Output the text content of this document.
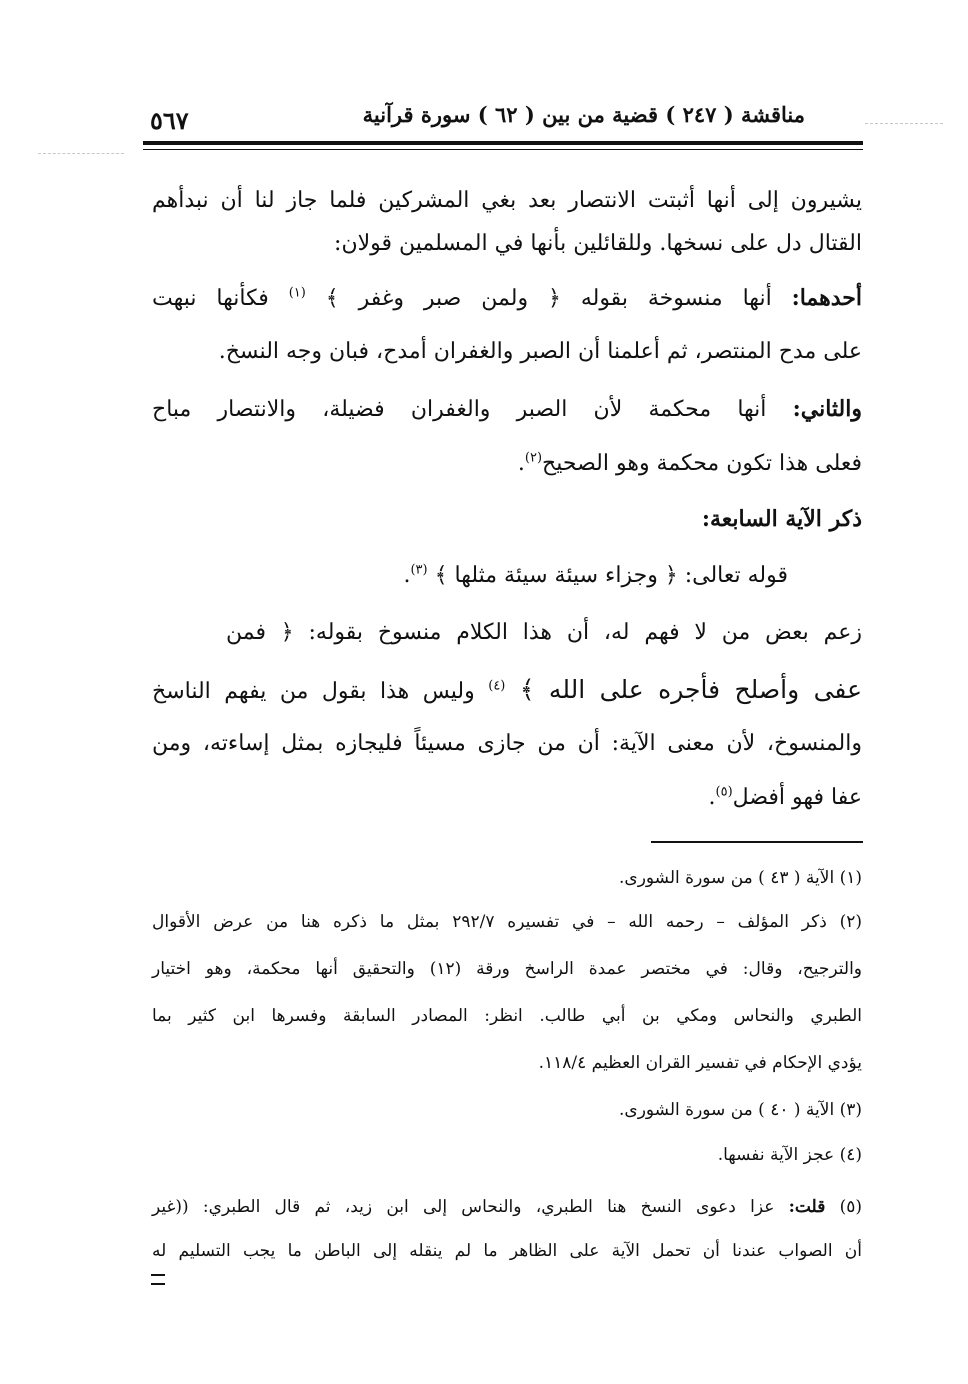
مناقشة ( ٢٤٧ ) قضية من بين ( ٦٢ ) سورة قرآنية
٥٦٧
يشيرون إلى أنها أثبتت الانتصار بعد بغي المشركين فلما جاز لنا أن نبدأهم
القتال دل على نسخها. وللقائلين بأنها في المسلمين قولان:
أحدهما: أنها منسوخة بقوله ﴿ ولمن صبر وغفر ﴾ $^{(١)}$ فكأنها نبهت
على مدح المنتصر، ثم أعلمنا أن الصبر والغفران أمدح، فبان وجه النسخ.
والثاني: أنها محكمة لأن الصبر والغفران فضيلة، والانتصار مباح
فعلى هذا تكون محكمة وهو الصحيح$^{(٢)}$.
ذكر الآية السابعة:
قوله تعالى: ﴿ وجزاء سيئة سيئة مثلها ﴾ $^{(٣)}$.
زعم بعض من لا فهم له، أن هذا الكلام منسوخ بقوله: ﴿ فمن
عفى وأصلح فأجره على الله ﴾ $^{(٤)}$ وليس هذا بقول من يفهم الناسخ
والمنسوخ، لأن معنى الآية: أن من جازى مسيئاً فليجازه بمثل إساءته، ومن
عفا فهو أفضل$^{(٥)}$.
(١) الآية ( ٤٣ ) من سورة الشورى.
(٢) ذكر المؤلف – رحمه الله – في تفسيره ٢٩٢/٧ بمثل ما ذكره هنا من عرض الأقوال
والترجيح، وقال: في مختصر عمدة الراسخ ورقة (١٢) والتحقيق أنها محكمة، وهو اختيار
الطبري والنحاس ومكي بن أبي طالب. انظر: المصادر السابقة وفسرها ابن كثير بما
يؤدي الإحكام في تفسير القران العظيم ١١٨/٤.
(٣) الآية ( ٤٠ ) من سورة الشورى.
(٤) عجز الآية نفسها.
(٥) قلت: عزا دعوى النسخ هنا الطبري، والنحاس إلى ابن زيد، ثم قال الطبري: ((غير
أن الصواب عندنا أن تحمل الآية على الظاهر ما لم ينقله إلى الباطن ما يجب التسليم له
